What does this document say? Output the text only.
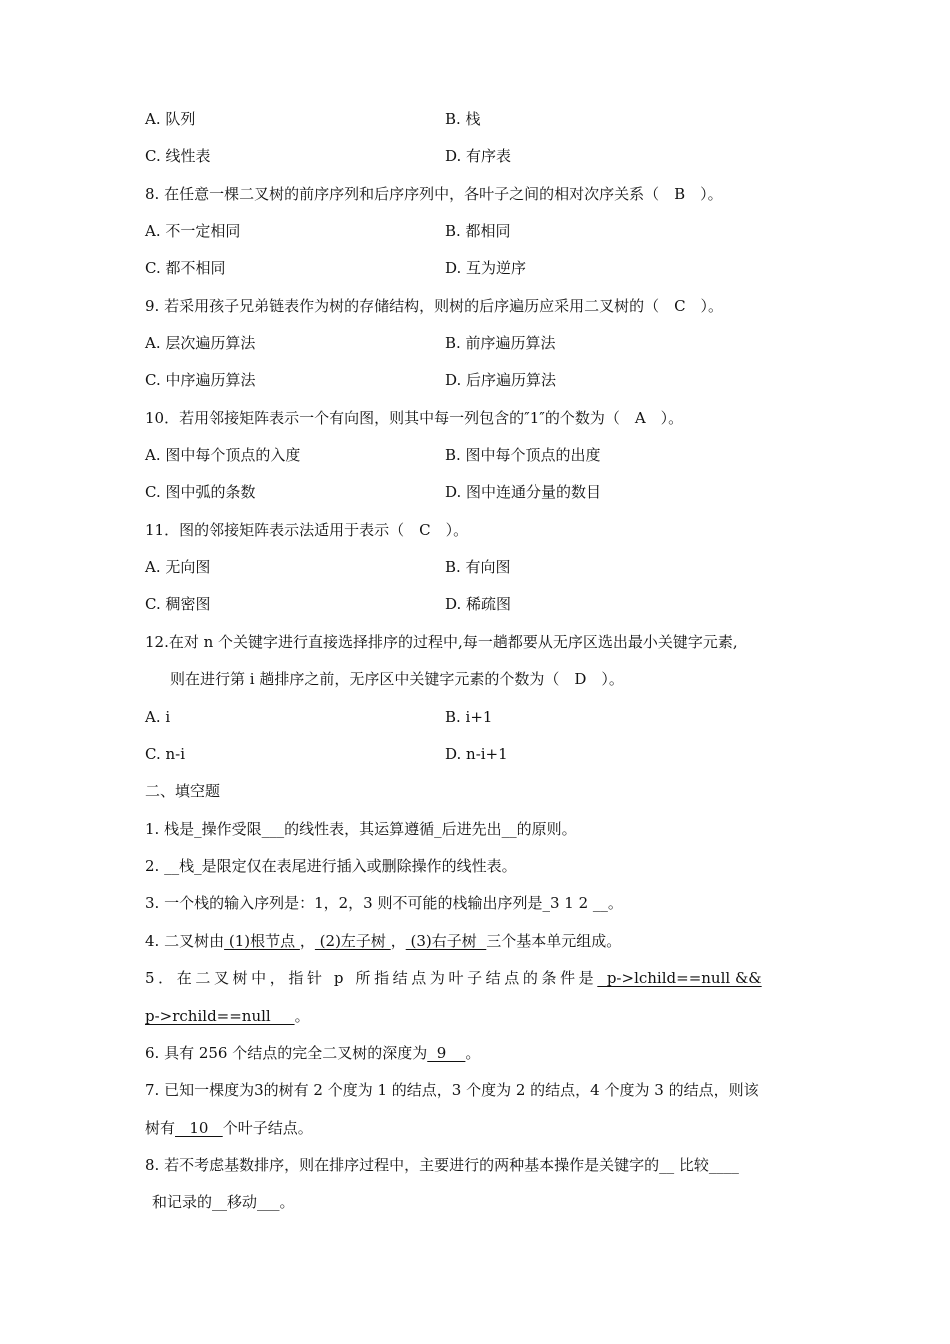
A. 队列	B. 栈
C. 线性表	D. 有序表
8. 在任意一棵二叉树的前序序列和后序序列中，各叶子之间的相对次序关系（　B　）。
A. 不一定相同	B. 都相同
C. 都不相同	D. 互为逆序
9. 若采用孩子兄弟链表作为树的存储结构，则树的后序遍历应采用二叉树的（　C　）。
A. 层次遍历算法	B. 前序遍历算法
C. 中序遍历算法	D. 后序遍历算法
10．若用邻接矩阵表示一个有向图，则其中每一列包含的″1″的个数为（　A　）。
A. 图中每个顶点的入度	B. 图中每个顶点的出度
C. 图中弧的条数	D. 图中连通分量的数目
11．图的邻接矩阵表示法适用于表示（　C　）。
A. 无向图	B. 有向图
C. 稠密图	D. 稀疏图
12.在对 n 个关键字进行直接选择排序的过程中,每一趟都要从无序区选出最小关键字元素,
则在进行第 i 趟排序之前，无序区中关键字元素的个数为（　D　）。
A. i	B. i+1
C. n-i	D. n-i+1
二、填空题
1. 栈是_操作受限___的线性表，其运算遵循_后进先出__的原则。
2. __栈_是限定仅在表尾进行插入或删除操作的线性表。
3. 一个栈的输入序列是：1，2，3 则不可能的栈输出序列是_3 1 2 __。
4. 二叉树由 (1)根节点 ， (2)左子树 ， (3)右子树  三个基本单元组成。
5．在二叉树中，指针 p 所指结点为叶子结点的条件是  p->lchild==null &&
p->rchild==null     。
6. 具有 256 个结点的完全二叉树的深度为  9    。
7. 已知一棵度为3的树有 2 个度为 1 的结点，3 个度为 2 的结点，4 个度为 3 的结点，则该
树有   10   个叶子结点。
8. 若不考虑基数排序，则在排序过程中，主要进行的两种基本操作是关键字的__ 比较____
和记录的__移动___。
